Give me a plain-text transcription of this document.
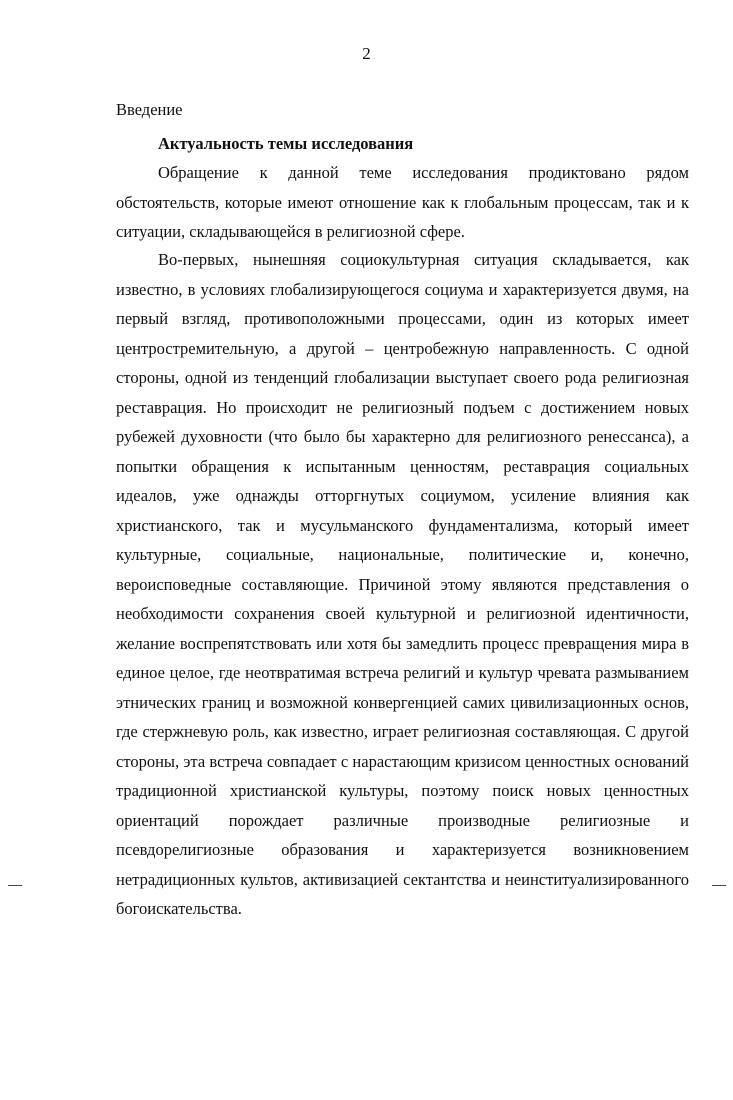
2
Введение
Актуальность темы исследования

Обращение к данной теме исследования продиктовано рядом обстоятельств, которые имеют отношение как к глобальным процессам, так и к ситуации, складывающейся в религиозной сфере.

Во-первых, нынешняя социокультурная ситуация складывается, как известно, в условиях глобализирующегося социума и характеризуется двумя, на первый взгляд, противоположными процессами, один из которых имеет центростремительную, а другой – центробежную направленность. С одной стороны, одной из тенденций глобализации выступает своего рода религиозная реставрация. Но происходит не религиозный подъем с достижением новых рубежей духовности (что было бы характерно для религиозного ренессанса), а попытки обращения к испытанным ценностям, реставрация социальных идеалов, уже однажды отторгнутых социумом, усиление влияния как христианского, так и мусульманского фундаментализма, который имеет культурные, социальные, национальные, политические и, конечно, вероисповедные составляющие. Причиной этому являются представления о необходимости сохранения своей культурной и религиозной идентичности, желание воспрепятствовать или хотя бы замедлить процесс превращения мира в единое целое, где неотвратимая встреча религий и культур чревата размыванием этнических границ и возможной конвергенцией самих цивилизационных основ, где стержневую роль, как известно, играет религиозная составляющая. С другой стороны, эта встреча совпадает с нарастающим кризисом ценностных оснований традиционной христианской культуры, поэтому поиск новых ценностных ориентаций порождает различные производные религиозные и псевдорелигиозные образования и характеризуется возникновением нетрадиционных культов, активизацией сектантства и неинституализированного богоискательства.
